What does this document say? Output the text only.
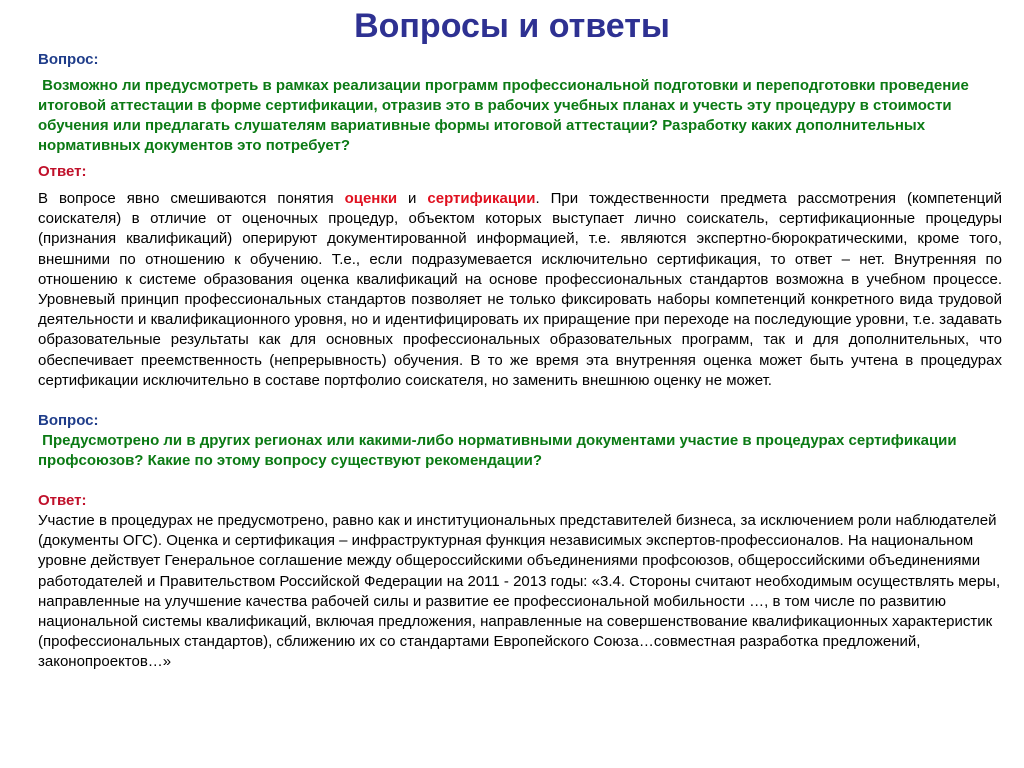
Вопросы и ответы
Вопрос:
Возможно ли предусмотреть в рамках реализации программ профессиональной подготовки и переподготовки проведение итоговой аттестации в форме сертификации, отразив это в рабочих учебных планах и учесть эту процедуру в стоимости обучения или предлагать слушателям вариативные формы итоговой аттестации? Разработку каких дополнительных нормативных документов это потребует?
Ответ:
В вопросе явно смешиваются понятия оценки и сертификации. При тождественности предмета рассмотрения (компетенций соискателя) в отличие от оценочных процедур, объектом которых выступает лично соискатель, сертификационные процедуры (признания квалификаций) оперируют документированной информацией, т.е. являются экспертно-бюрократическими, кроме того, внешними по отношению к обучению. Т.е., если подразумевается исключительно сертификация, то ответ – нет. Внутренняя по отношению к системе образования оценка квалификаций на основе профессиональных стандартов возможна в учебном процессе. Уровневый принцип профессиональных стандартов позволяет не только фиксировать наборы компетенций конкретного вида трудовой деятельности и квалификационного уровня, но и идентифицировать их приращение при переходе на последующие уровни, т.е. задавать образовательные результаты как для основных профессиональных образовательных программ, так и для дополнительных, что обеспечивает преемственность (непрерывность) обучения. В то же время эта внутренняя оценка может быть учтена в процедурах сертификации исключительно в составе портфолио соискателя, но заменить внешнюю оценку не может.
Вопрос:
Предусмотрено ли в других регионах или какими-либо нормативными документами участие в процедурах сертификации профсоюзов? Какие по этому вопросу существуют рекомендации?
Ответ:
Участие в процедурах не предусмотрено, равно как и институциональных представителей бизнеса, за исключением роли наблюдателей (документы ОГС). Оценка и сертификация – инфраструктурная функция независимых экспертов-профессионалов. На национальном уровне действует Генеральное соглашение между общероссийскими объединениями профсоюзов, общероссийскими объединениями работодателей и Правительством Российской Федерации на 2011 - 2013 годы: «3.4. Стороны считают необходимым осуществлять меры, направленные на улучшение качества рабочей силы и развитие ее профессиональной мобильности …, в том числе по развитию национальной системы квалификаций, включая предложения, направленные на совершенствование квалификационных характеристик (профессиональных стандартов), сближению их со стандартами Европейского Союза…совместная разработка предложений, законопроектов…»
